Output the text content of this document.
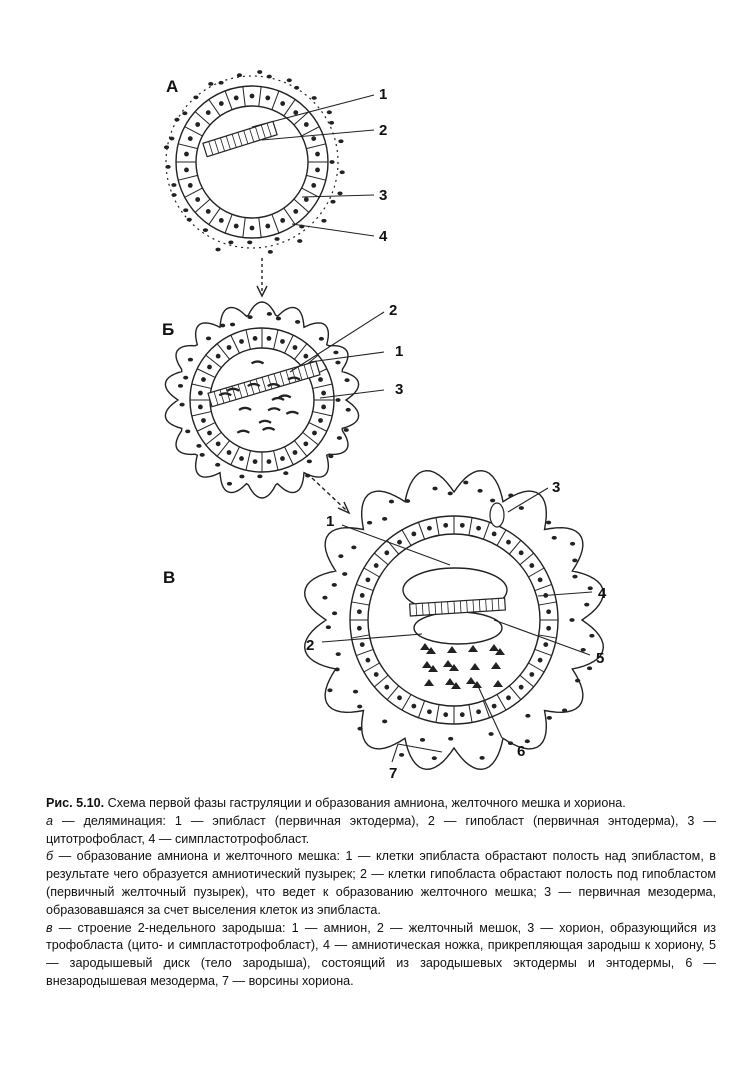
А
Б
В
1
2
3
4
2
1
3
3
1
4
2
5
6
7

Рис. 5.10. Схема первой фазы гаструляции и образования амниона, желточного мешка и хориона.

а — деляминация: 1 — эпибласт (первичная эктодерма), 2 — гипобласт (первичная энтодерма), 3 — цитотрофобласт, 4 — симпластотрофобласт.

б — образование амниона и желточного мешка: 1 — клетки эпибласта обрастают полость над эпибластом, в результате чего образуется амниотический пузырек; 2 — клетки гипобласта обрастают полость под гипобластом (первичный желточный пузырек), что ведет к образованию желточного мешка; 3 — первичная мезодерма, образовавшаяся за счет выселения клеток из эпибласта.

в — строение 2-недельного зародыша: 1 — амнион, 2 — желточный мешок, 3 — хорион, образующийся из трофобласта (цито- и симпластотрофобласт), 4 — амниотическая ножка, прикрепляющая зародыш к хориону, 5 — зародышевый диск (тело зародыша), состоящий из зародышевых эктодермы и энтодермы, 6 — внезародышевая мезодерма, 7 — ворсины хориона.
